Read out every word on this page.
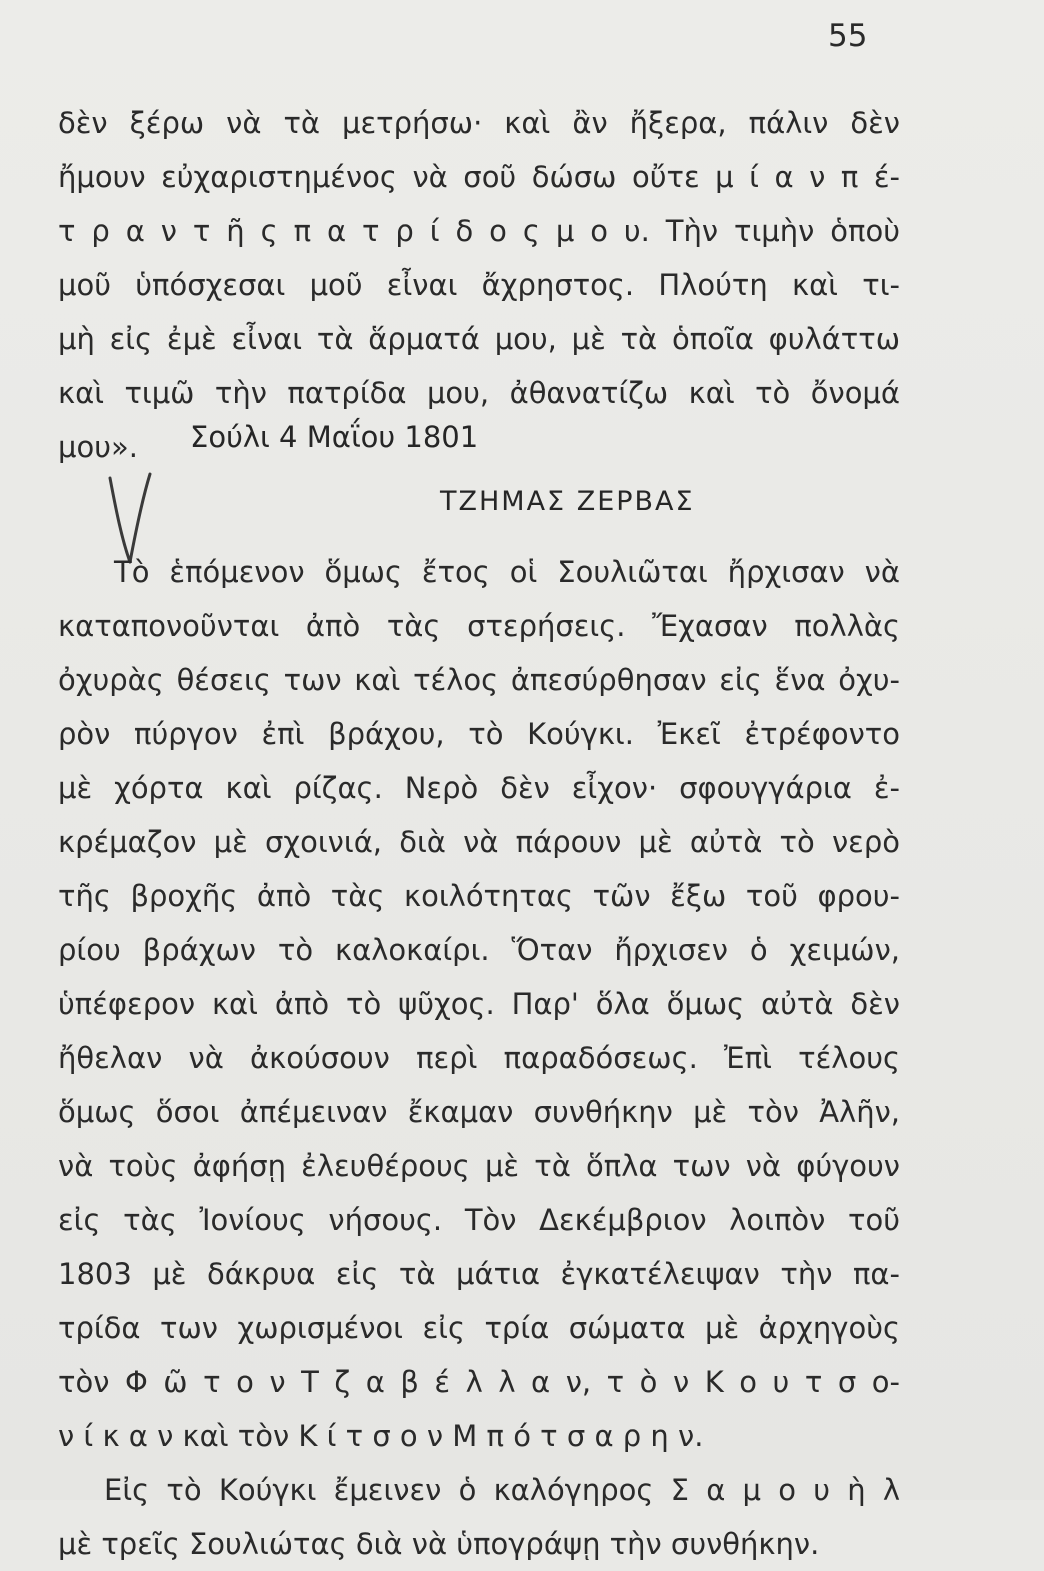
55
δὲν ξέρω νὰ τὰ μετρήσω· καὶ ἂν ἤξερα, πάλιν δὲν
ἤμουν εὐχαριστημένος νὰ σοῦ δώσω οὔτε μ ί α ν π έ-
τ ρ α ν τ ῆ ς π α τ ρ ί δ ο ς μ ο υ. Τὴν τιμὴν ὁποὺ
μοῦ ὑπόσχεσαι μοῦ εἶναι ἄχρηστος. Πλούτη καὶ τι-
μὴ εἰς ἐμὲ εἶναι τὰ ἅρματά μου, μὲ τὰ ὁποῖα φυλάττω
καὶ τιμῶ τὴν πατρίδα μου, ἀθανατίζω καὶ τὸ ὄνομά
μου».	Σούλι 4 Μαΐου 1801
ΤΖΗΜΑΣ ΖΕΡΒΑΣ
Τὸ ἑπόμενον ὅμως ἔτος οἱ Σουλιῶται ἤρχισαν νὰ
καταπονοῦνται ἀπὸ τὰς στερήσεις. Ἔχασαν πολλὰς
ὀχυρὰς θέσεις των καὶ τέλος ἀπεσύρθησαν εἰς ἕνα ὀχυ-
ρὸν πύργον ἐπὶ βράχου, τὸ Κούγκι. Ἐκεῖ ἐτρέφοντο
μὲ χόρτα καὶ ρίζας. Νερὸ δὲν εἶχον· σφουγγάρια ἐ-
κρέμαζον μὲ σχοινιά, διὰ νὰ πάρουν μὲ αὐτὰ τὸ νερὸ
τῆς βροχῆς ἀπὸ τὰς κοιλότητας τῶν ἔξω τοῦ φρου-
ρίου βράχων τὸ καλοκαίρι. Ὅταν ἤρχισεν ὁ χειμών,
ὑπέφερον καὶ ἀπὸ τὸ ψῦχος. Παρ' ὅλα ὅμως αὐτὰ δὲν
ἤθελαν νὰ ἀκούσουν περὶ παραδόσεως. Ἐπὶ τέλους
ὅμως ὅσοι ἀπέμειναν ἔκαμαν συνθήκην μὲ τὸν Ἀλῆν,
νὰ τοὺς ἀφήσῃ ἐλευθέρους μὲ τὰ ὅπλα των νὰ φύγουν
εἰς τὰς Ἰονίους νήσους. Τὸν Δεκέμβριον λοιπὸν τοῦ
1803 μὲ δάκρυα εἰς τὰ μάτια ἐγκατέλειψαν τὴν πα-
τρίδα των χωρισμένοι εἰς τρία σώματα μὲ ἀρχηγοὺς
τὸν Φ ῶ τ ο ν Τ ζ α β έ λ λ α ν, τ ὸ ν Κ ο υ τ σ ο-
ν ί κ α ν καὶ τὸν Κ ί τ σ ο ν Μ π ό τ σ α ρ η ν.
Εἰς τὸ Κούγκι ἔμεινεν ὁ καλόγηρος Σ α μ ο υ ὴ λ
μὲ τρεῖς Σουλιώτας διὰ νὰ ὑπογράψῃ τὴν συνθήκην.
